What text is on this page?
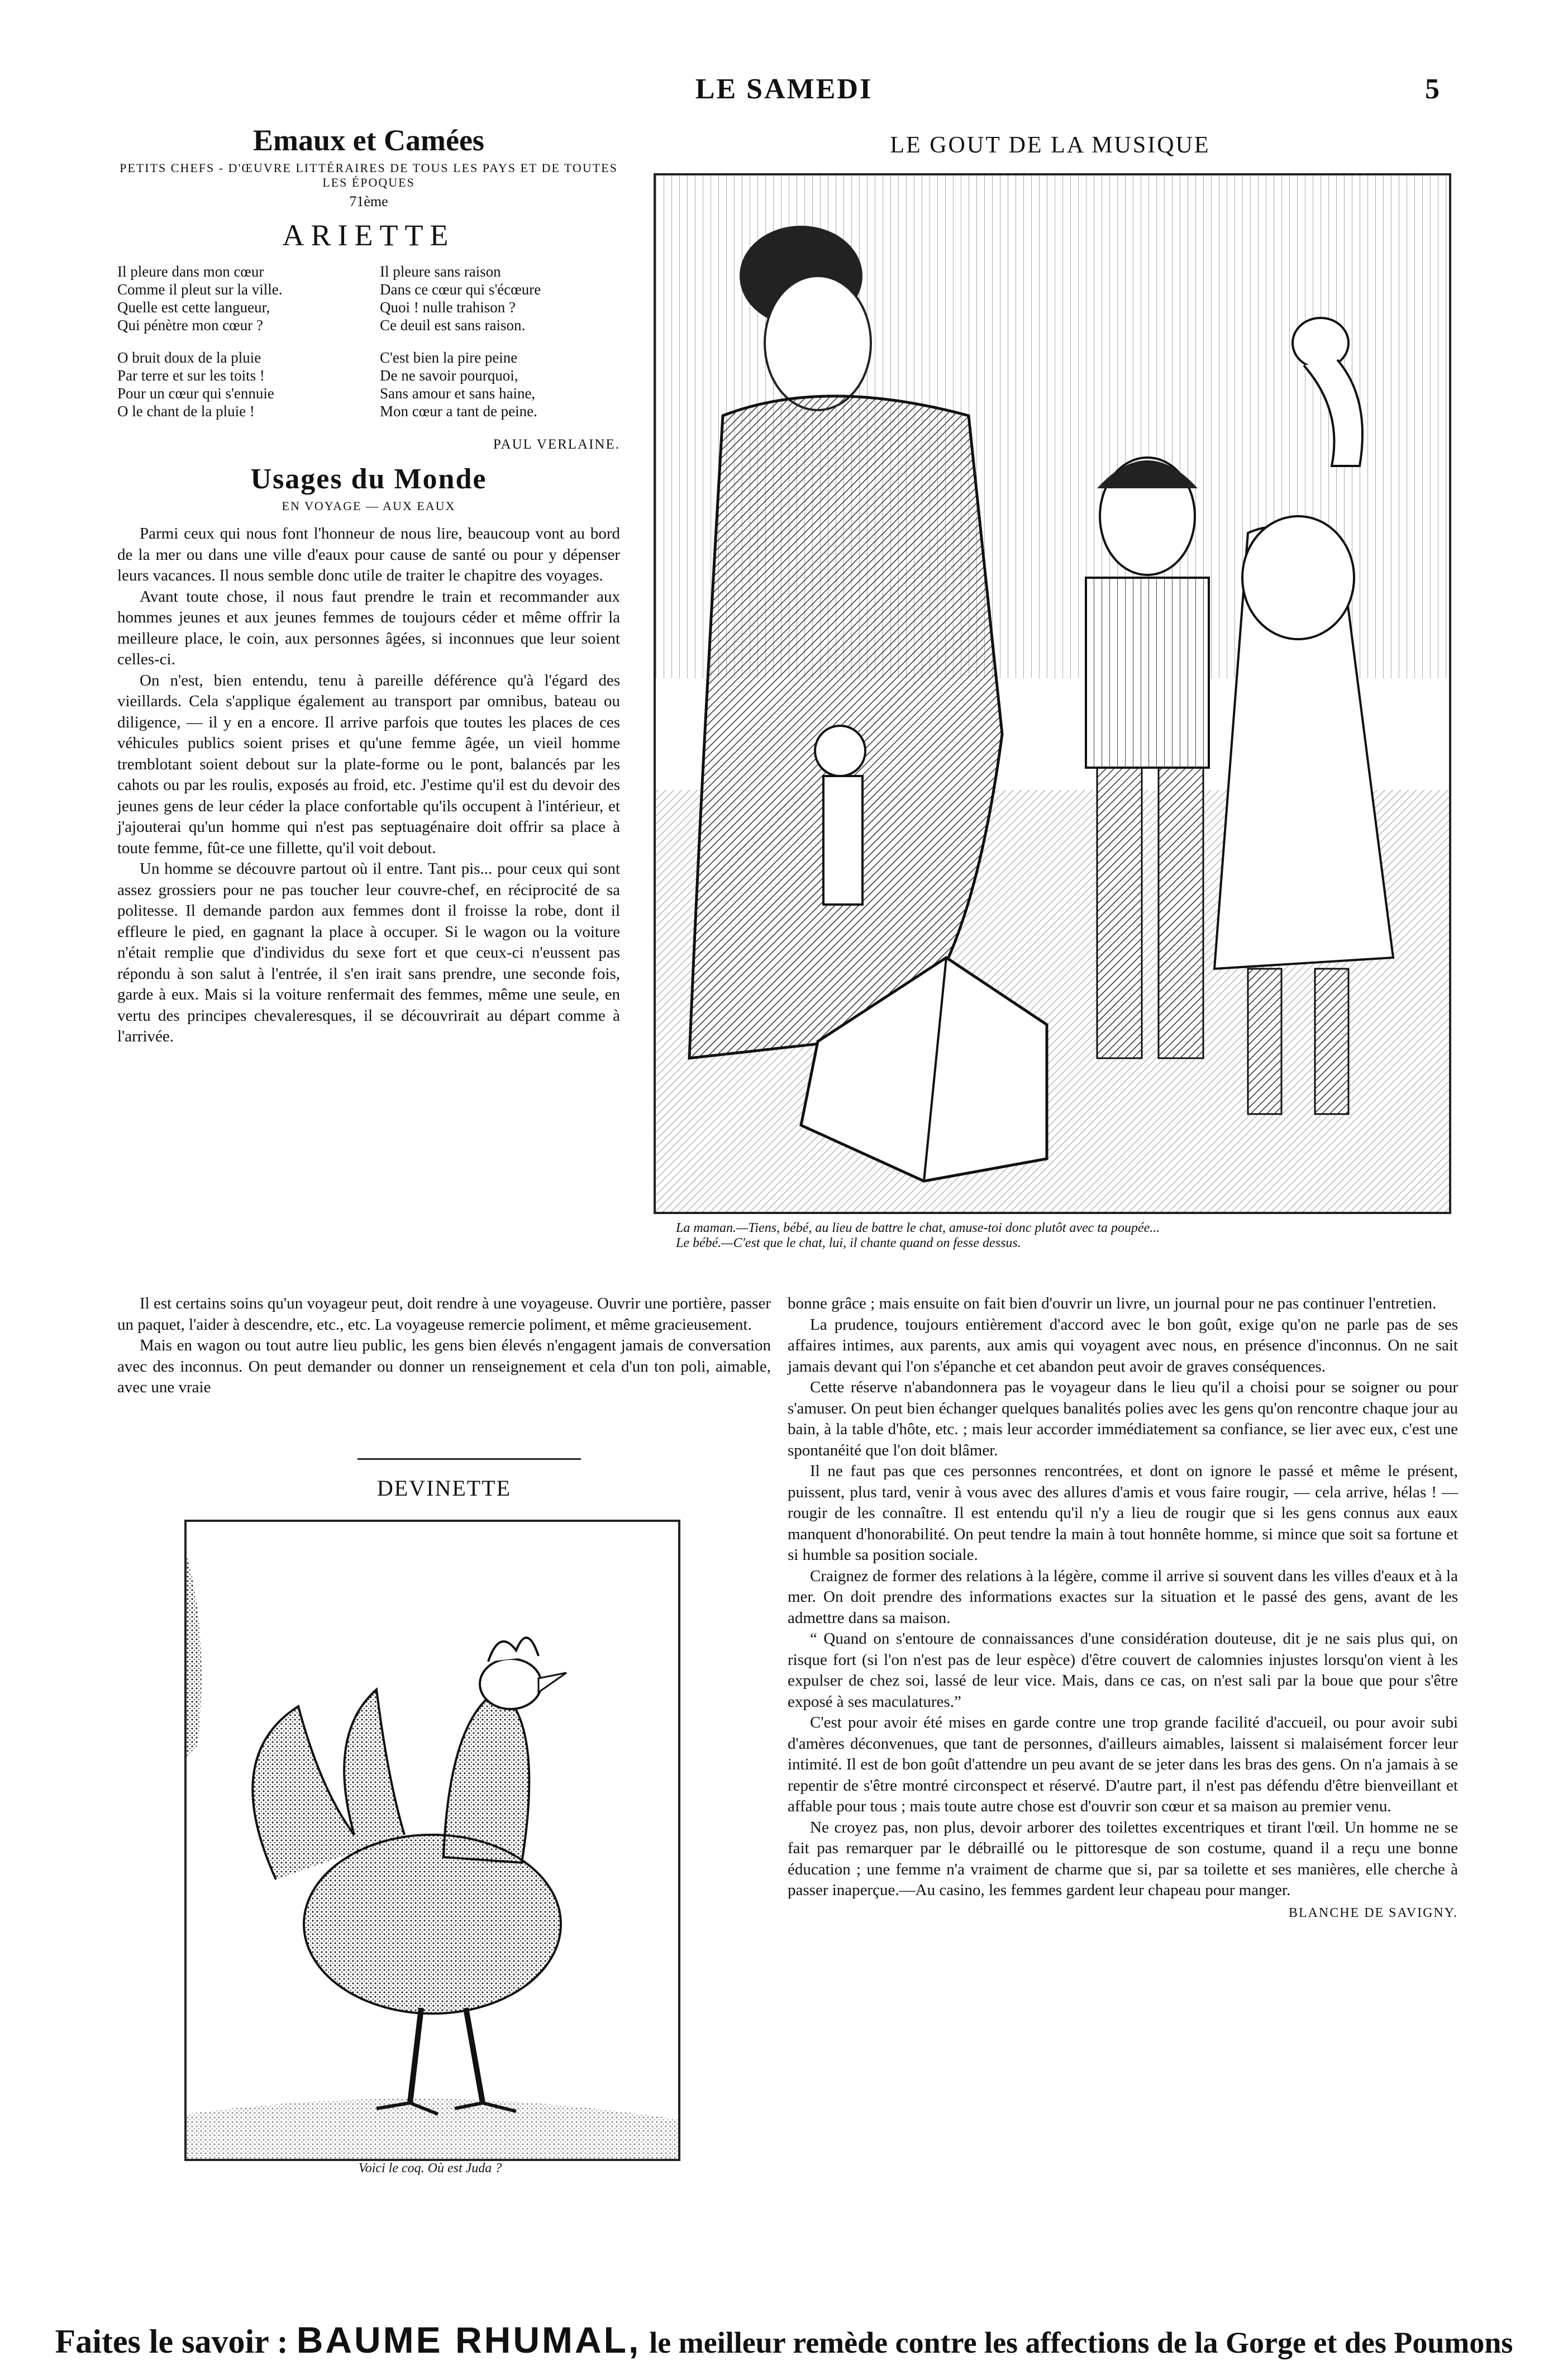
LE SAMEDI	5
Emaux et Camées
PETITS CHEFS - D'ŒUVRE LITTÉRAIRES DE TOUS LES PAYS ET DE TOUTES LES ÉPOQUES
71ème
ARIETTE
Il pleure dans mon cœur
Comme il pleut sur la ville.
Quelle est cette langueur,
Qui pénètre mon cœur ?
O bruit doux de la pluie
Par terre et sur les toits !
Pour un cœur qui s'ennuie
O le chant de la pluie !
Il pleure sans raison
Dans ce cœur qui s'écœure
Quoi ! nulle trahison ?
Ce deuil est sans raison.
C'est bien la pire peine
De ne savoir pourquoi,
Sans amour et sans haine,
Mon cœur a tant de peine.
PAUL VERLAINE.
Usages du Monde
EN VOYAGE — AUX EAUX

Parmi ceux qui nous font l'honneur de nous lire, beaucoup vont au bord de la mer ou dans une ville d'eaux pour cause de santé ou pour y dépenser leurs vacances. Il nous semble donc utile de traiter le chapitre des voyages.

Avant toute chose, il nous faut prendre le train et recommander aux hommes jeunes et aux jeunes femmes de toujours céder et même offrir la meilleure place, le coin, aux personnes âgées, si inconnues que leur soient celles-ci.

On n'est, bien entendu, tenu à pareille déférence qu'à l'égard des vieillards. Cela s'applique également au transport par omnibus, bateau ou diligence, — il y en a encore. Il arrive parfois que toutes les places de ces véhicules publics soient prises et qu'une femme âgée, un vieil homme tremblotant soient debout sur la plate-forme ou le pont, balancés par les cahots ou par les roulis, exposés au froid, etc. J'estime qu'il est du devoir des jeunes gens de leur céder la place confortable qu'ils occupent à l'intérieur, et j'ajouterai qu'un homme qui n'est pas septuagénaire doit offrir sa place à toute femme, fût-ce une fillette, qu'il voit debout.

Un homme se découvre partout où il entre. Tant pis... pour ceux qui sont assez grossiers pour ne pas toucher leur couvre-chef, en réciprocité de sa politesse. Il demande pardon aux femmes dont il froisse la robe, dont il effleure le pied, en gagnant la place à occuper. Si le wagon ou la voiture n'était remplie que d'individus du sexe fort et que ceux-ci n'eussent pas répondu à son salut à l'entrée, il s'en irait sans prendre, une seconde fois, garde à eux. Mais si la voiture renfermait des femmes, même une seule, en vertu des principes chevaleresques, il se découvrirait au départ comme à l'arrivée.

LE GOUT DE LA MUSIQUE
La maman.—Tiens, bébé, au lieu de battre le chat, amuse-toi donc plutôt avec ta poupée...
Le bébé.—C'est que le chat, lui, il chante quand on fesse dessus.

Il est certains soins qu'un voyageur peut, doit rendre à une voyageuse. Ouvrir une portière, passer un paquet, l'aider à descendre, etc., etc. La voyageuse remercie poliment, et même gracieusement.

Mais en wagon ou tout autre lieu public, les gens bien élevés n'engagent jamais de conversation avec des inconnus. On peut demander ou donner un renseignement et cela d'un ton poli, aimable, avec une vraie

DEVINETTE
Voici le coq. Où est Juda ?

bonne grâce ; mais ensuite on fait bien d'ouvrir un livre, un journal pour ne pas continuer l'entretien.

La prudence, toujours entièrement d'accord avec le bon goût, exige qu'on ne parle pas de ses affaires intimes, aux parents, aux amis qui voyagent avec nous, en présence d'inconnus. On ne sait jamais devant qui l'on s'épanche et cet abandon peut avoir de graves conséquences.

Cette réserve n'abandonnera pas le voyageur dans le lieu qu'il a choisi pour se soigner ou pour s'amuser. On peut bien échanger quelques banalités polies avec les gens qu'on rencontre chaque jour au bain, à la table d'hôte, etc. ; mais leur accorder immédiatement sa confiance, se lier avec eux, c'est une spontanéité que l'on doit blâmer.

Il ne faut pas que ces personnes rencontrées, et dont on ignore le passé et même le présent, puissent, plus tard, venir à vous avec des allures d'amis et vous faire rougir, — cela arrive, hélas ! — rougir de les connaître. Il est entendu qu'il n'y a lieu de rougir que si les gens connus aux eaux manquent d'honorabilité. On peut tendre la main à tout honnête homme, si mince que soit sa fortune et si humble sa position sociale.

Craignez de former des relations à la légère, comme il arrive si souvent dans les villes d'eaux et à la mer. On doit prendre des informations exactes sur la situation et le passé des gens, avant de les admettre dans sa maison.

“ Quand on s'entoure de connaissances d'une considération douteuse, dit je ne sais plus qui, on risque fort (si l'on n'est pas de leur espèce) d'être couvert de calomnies injustes lorsqu'on vient à les expulser de chez soi, lassé de leur vice. Mais, dans ce cas, on n'est sali par la boue que pour s'être exposé à ses maculatures.”

C'est pour avoir été mises en garde contre une trop grande facilité d'accueil, ou pour avoir subi d'amères déconvenues, que tant de personnes, d'ailleurs aimables, laissent si malaisément forcer leur intimité. Il est de bon goût d'attendre un peu avant de se jeter dans les bras des gens. On n'a jamais à se repentir de s'être montré circonspect et réservé. D'autre part, il n'est pas défendu d'être bienveillant et affable pour tous ; mais toute autre chose est d'ouvrir son cœur et sa maison au premier venu.

Ne croyez pas, non plus, devoir arborer des toilettes excentriques et tirant l'œil. Un homme ne se fait pas remarquer par le débraillé ou le pittoresque de son costume, quand il a reçu une bonne éducation ; une femme n'a vraiment de charme que si, par sa toilette et ses manières, elle cherche à passer inaperçue.—Au casino, les femmes gardent leur chapeau pour manger.

BLANCHE DE SAVIGNY.
Faites le savoir : BAUME RHUMAL, le meilleur remède contre les affections de la Gorge et des Poumons
